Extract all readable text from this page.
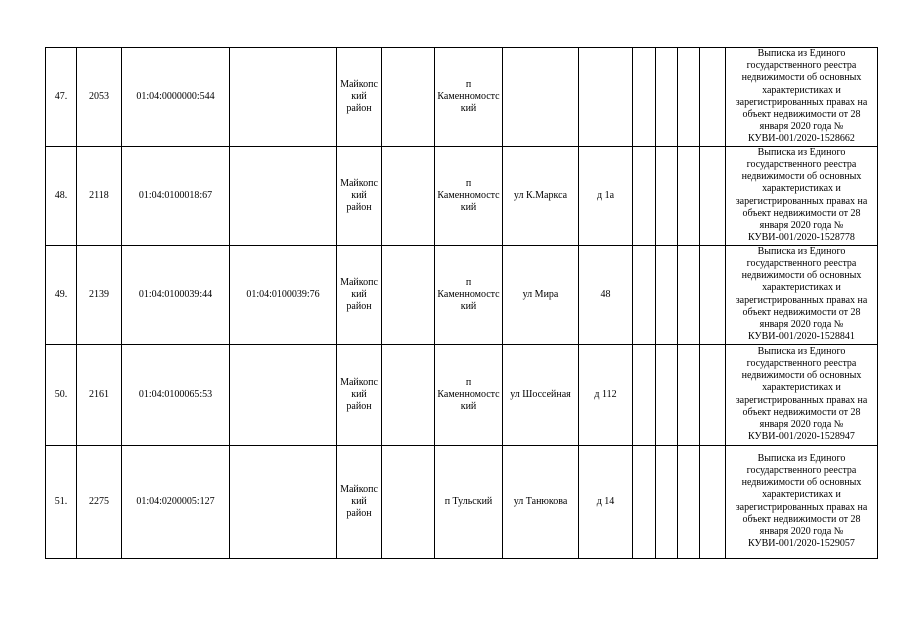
47.	2053	01:04:0000000:544		Майкопский район		п Каменномостский							Выписка из Единого государственного реестра недвижимости об основных характеристиках и зарегистрированных правах на объект недвижимости от 28 января 2020 года № КУВИ-001/2020-1528662
48.	2118	01:04:0100018:67		Майкопский район		п Каменномостский	ул К.Маркса	д 1а					Выписка из Единого государственного реестра недвижимости об основных характеристиках и зарегистрированных правах на объект недвижимости от 28 января 2020 года № КУВИ-001/2020-1528778
49.	2139	01:04:0100039:44	01:04:0100039:76	Майкопский район		п Каменномостский	ул Мира	48					Выписка из Единого государственного реестра недвижимости об основных характеристиках и зарегистрированных правах на объект недвижимости от 28 января 2020 года № КУВИ-001/2020-1528841
50.	2161	01:04:0100065:53		Майкопский район		п Каменномостский	ул Шоссейная	д 112					Выписка из Единого государственного реестра недвижимости об основных характеристиках и зарегистрированных правах на объект недвижимости от 28 января 2020 года № КУВИ-001/2020-1528947
51.	2275	01:04:0200005:127		Майкопский район		п Тульский	ул Танюкова	д 14					Выписка из Единого государственного реестра недвижимости об основных характеристиках и зарегистрированных правах на объект недвижимости от 28 января 2020 года № КУВИ-001/2020-1529057
